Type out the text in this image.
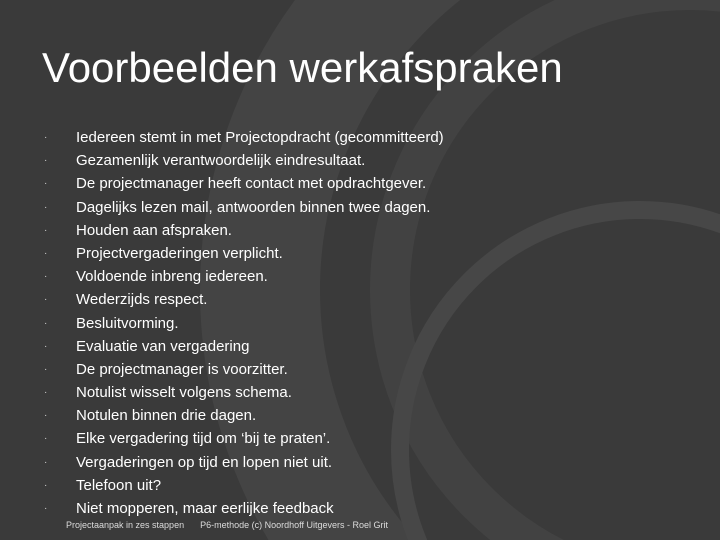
Voorbeelden werkafspraken
·	Iedereen stemt in met Projectopdracht (gecommitteerd)
·	Gezamenlijk verantwoordelijk eindresultaat.
·	De projectmanager heeft contact met opdrachtgever.
·	Dagelijks lezen mail, antwoorden binnen twee dagen.
·	Houden aan afspraken.
·	Projectvergaderingen verplicht.
·	Voldoende inbreng iedereen.
·	Wederzijds respect.
·	Besluitvorming.
·	Evaluatie van vergadering
·	De projectmanager is voorzitter.
·	Notulist wisselt volgens schema.
·	Notulen binnen drie dagen.
·	Elke vergadering tijd om ‘bij te praten’.
·	Vergaderingen op tijd en lopen niet uit.
·	Telefoon uit?
·	Niet mopperen, maar eerlijke feedback
Projectaanpak in zes stappen P6-methode (c) Noordhoff Uitgevers - Roel Grit
